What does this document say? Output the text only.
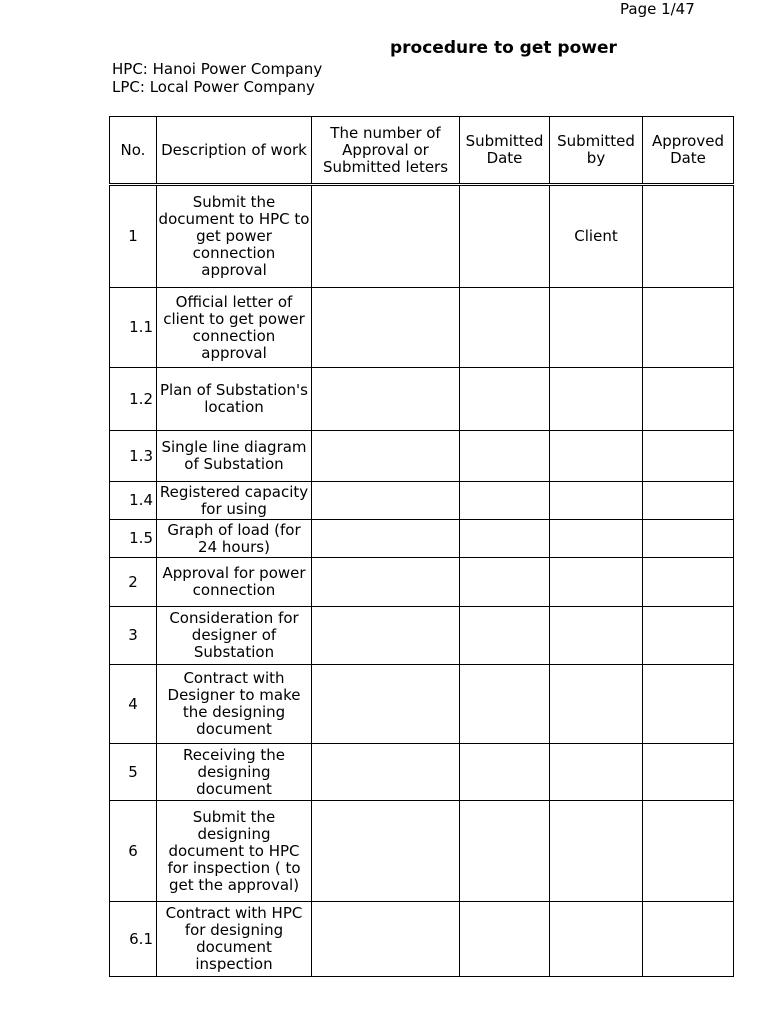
Page 1/47
procedure to get power
HPC: Hanoi Power Company
LPC: Local Power Company
No.	Description of work	The number of Approval or Submitted leters	Submitted Date	Submitted by	Approved Date
1	Submit the document to HPC to get power connection approval			Client	
1.1	Official letter of client to get power connection approval				
1.2	Plan of Substation's location				
1.3	Single line diagram of Substation				
1.4	Registered capacity for using				
1.5	Graph of load (for 24 hours)				
2	Approval for power connection				
3	Consideration for designer of Substation				
4	Contract with Designer to make the designing document				
5	Receiving the designing document				
6	Submit the designing document to HPC for inspection ( to get the approval)				
6.1	Contract with HPC for designing document inspection				
